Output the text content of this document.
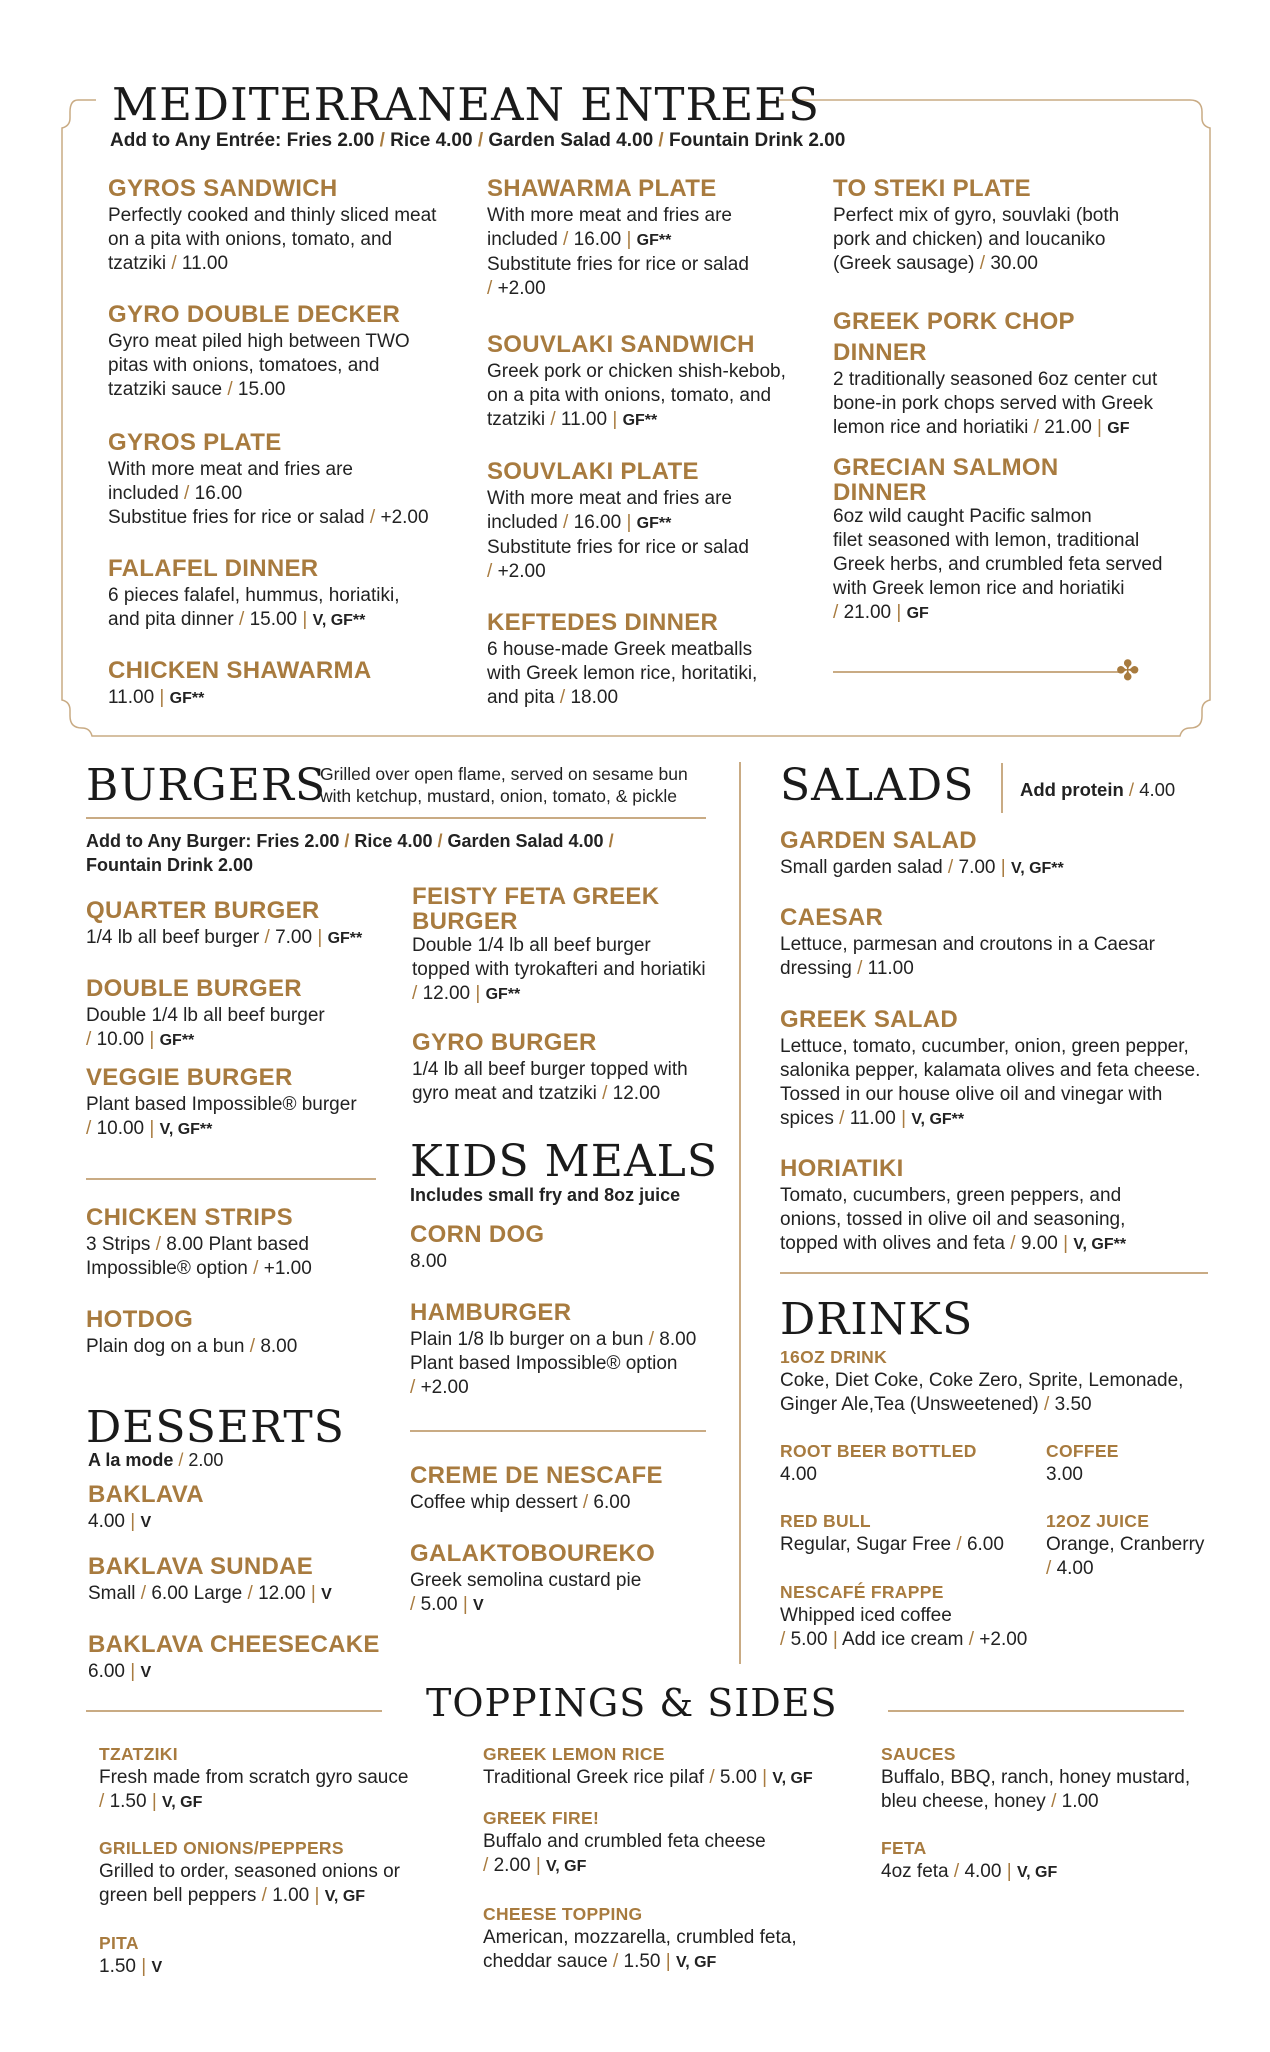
MEDITERRANEAN ENTREES
Add to Any Entrée: Fries 2.00 / Rice 4.00 / Garden Salad 4.00 / Fountain Drink 2.00
GYROS SANDWICH
Perfectly cooked and thinly sliced meat
on a pita with onions, tomato, and
tzatziki / 11.00
GYRO DOUBLE DECKER
Gyro meat piled high between TWO
pitas with onions, tomatoes, and
tzatziki sauce / 15.00
GYROS PLATE
With more meat and fries are
included / 16.00
Substitue fries for rice or salad / +2.00
FALAFEL DINNER
6 pieces falafel, hummus, horiatiki,
and pita dinner / 15.00 | V, GF**
CHICKEN SHAWARMA
11.00 | GF**
SHAWARMA PLATE
With more meat and fries are
included / 16.00 | GF**
Substitute fries for rice or salad
/ +2.00
SOUVLAKI SANDWICH
Greek pork or chicken shish-kebob,
on a pita with onions, tomato, and
tzatziki / 11.00 | GF**
SOUVLAKI PLATE
With more meat and fries are
included / 16.00 | GF**
Substitute fries for rice or salad
/ +2.00
KEFTEDES DINNER
6 house-made Greek meatballs
with Greek lemon rice, horitatiki,
and pita / 18.00
TO STEKI PLATE
Perfect mix of gyro, souvlaki (both
pork and chicken) and loucaniko
(Greek sausage) / 30.00
GREEK PORK CHOP
DINNER
2 traditionally seasoned 6oz center cut
bone-in pork chops served with Greek
lemon rice and horiatiki / 21.00 | GF
GRECIAN SALMON
DINNER
6oz wild caught Pacific salmon
filet seasoned with lemon, traditional
Greek herbs, and crumbled feta served
with Greek lemon rice and horiatiki
/ 21.00 | GF
✤
BURGERS
Grilled over open flame, served on sesame bun
with ketchup, mustard, onion, tomato, & pickle
Add to Any Burger: Fries 2.00 / Rice 4.00 / Garden Salad 4.00 /
Fountain Drink 2.00
QUARTER BURGER
1/4 lb all beef burger / 7.00 | GF**
DOUBLE BURGER
Double 1/4 lb all beef burger
/ 10.00 | GF**
VEGGIE BURGER
Plant based Impossible® burger
/ 10.00 | V, GF**
CHICKEN STRIPS
3 Strips / 8.00 Plant based
Impossible® option / +1.00
HOTDOG
Plain dog on a bun / 8.00
FEISTY FETA GREEK
BURGER
Double 1/4 lb all beef burger
topped with tyrokafteri and horiatiki
/ 12.00 | GF**
GYRO BURGER
1/4 lb all beef burger topped with
gyro meat and tzatziki / 12.00
KIDS MEALS
Includes small fry and 8oz juice
CORN DOG
8.00
HAMBURGER
Plain 1/8 lb burger on a bun / 8.00
Plant based Impossible® option
/ +2.00
DESSERTS
A la mode / 2.00
BAKLAVA
4.00 | V
BAKLAVA SUNDAE
Small / 6.00 Large / 12.00 | V
BAKLAVA CHEESECAKE
6.00 | V
CREME DE NESCAFE
Coffee whip dessert / 6.00
GALAKTOBOUREKO
Greek semolina custard pie
/ 5.00 | V
SALADS Add protein / 4.00
GARDEN SALAD
Small garden salad / 7.00 | V, GF**
CAESAR
Lettuce, parmesan and croutons in a Caesar
dressing / 11.00
GREEK SALAD
Lettuce, tomato, cucumber, onion, green pepper,
salonika pepper, kalamata olives and feta cheese.
Tossed in our house olive oil and vinegar with
spices / 11.00 | V, GF**
HORIATIKI
Tomato, cucumbers, green peppers, and
onions, tossed in olive oil and seasoning,
topped with olives and feta / 9.00 | V, GF**
DRINKS
16OZ DRINK
Coke, Diet Coke, Coke Zero, Sprite, Lemonade,
Ginger Ale,Tea (Unsweetened) / 3.50
ROOT BEER BOTTLED
4.00
COFFEE
3.00
RED BULL
Regular, Sugar Free / 6.00
12OZ JUICE
Orange, Cranberry
/ 4.00
NESCAFÉ FRAPPE
Whipped iced coffee
/ 5.00 | Add ice cream / +2.00
TOPPINGS & SIDES
TZATZIKI
Fresh made from scratch gyro sauce
/ 1.50 | V, GF
GRILLED ONIONS/PEPPERS
Grilled to order, seasoned onions or
green bell peppers / 1.00 | V, GF
PITA
1.50 | V
GREEK LEMON RICE
Traditional Greek rice pilaf / 5.00 | V, GF
GREEK FIRE!
Buffalo and crumbled feta cheese
/ 2.00 | V, GF
CHEESE TOPPING
American, mozzarella, crumbled feta,
cheddar sauce / 1.50 | V, GF
SAUCES
Buffalo, BBQ, ranch, honey mustard,
bleu cheese, honey / 1.00
FETA
4oz feta / 4.00 | V, GF
